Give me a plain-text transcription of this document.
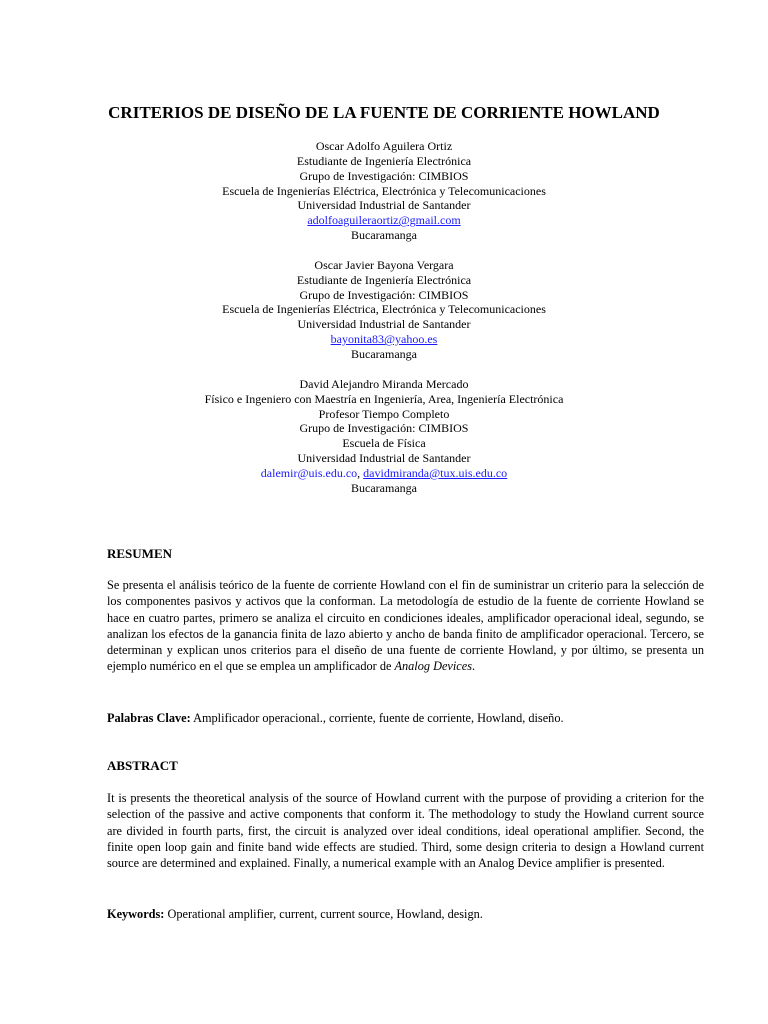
CRITERIOS DE DISEÑO DE LA FUENTE DE CORRIENTE HOWLAND
Oscar Adolfo Aguilera Ortiz
Estudiante de Ingeniería Electrónica
Grupo de Investigación: CIMBIOS
Escuela de Ingenierías Eléctrica, Electrónica y Telecomunicaciones
Universidad Industrial de Santander
adolfoaguileraortiz@gmail.com
Bucaramanga
Oscar Javier Bayona Vergara
Estudiante de Ingeniería Electrónica
Grupo de Investigación: CIMBIOS
Escuela de Ingenierías Eléctrica, Electrónica y Telecomunicaciones
Universidad Industrial de Santander
bayonita83@yahoo.es
Bucaramanga
David Alejandro Miranda Mercado
Físico e Ingeniero con Maestría en Ingeniería, Area, Ingeniería Electrónica
Profesor Tiempo Completo
Grupo de Investigación: CIMBIOS
Escuela de Física
Universidad Industrial de Santander
dalemir@uis.edu.co, davidmiranda@tux.uis.edu.co
Bucaramanga
RESUMEN
Se presenta el análisis teórico de la fuente de corriente Howland con el fin de suministrar un criterio para la selección de los componentes pasivos y activos que la conforman. La metodología de estudio de la fuente de corriente Howland se hace en cuatro partes, primero se analiza el circuito en condiciones ideales, amplificador operacional ideal, segundo, se analizan los efectos de la ganancia finita de lazo abierto y ancho de banda finito de amplificador operacional. Tercero, se determinan y explican unos criterios para el diseño de una fuente de corriente Howland, y por último, se presenta un ejemplo numérico en el que se emplea un amplificador de Analog Devices.
Palabras Clave: Amplificador operacional., corriente, fuente de corriente, Howland, diseño.
ABSTRACT
It is presents the theoretical analysis of the source of Howland current with the purpose of providing a criterion for the selection of the passive and active components that conform it. The methodology to study the Howland current source are divided in fourth parts, first, the circuit is analyzed over ideal conditions, ideal operational amplifier. Second, the finite open loop gain and finite band wide effects are studied. Third, some design criteria to design a Howland current source are determined and explained. Finally, a numerical example with an Analog Device amplifier is presented.
Keywords: Operational amplifier, current, current source, Howland, design.
